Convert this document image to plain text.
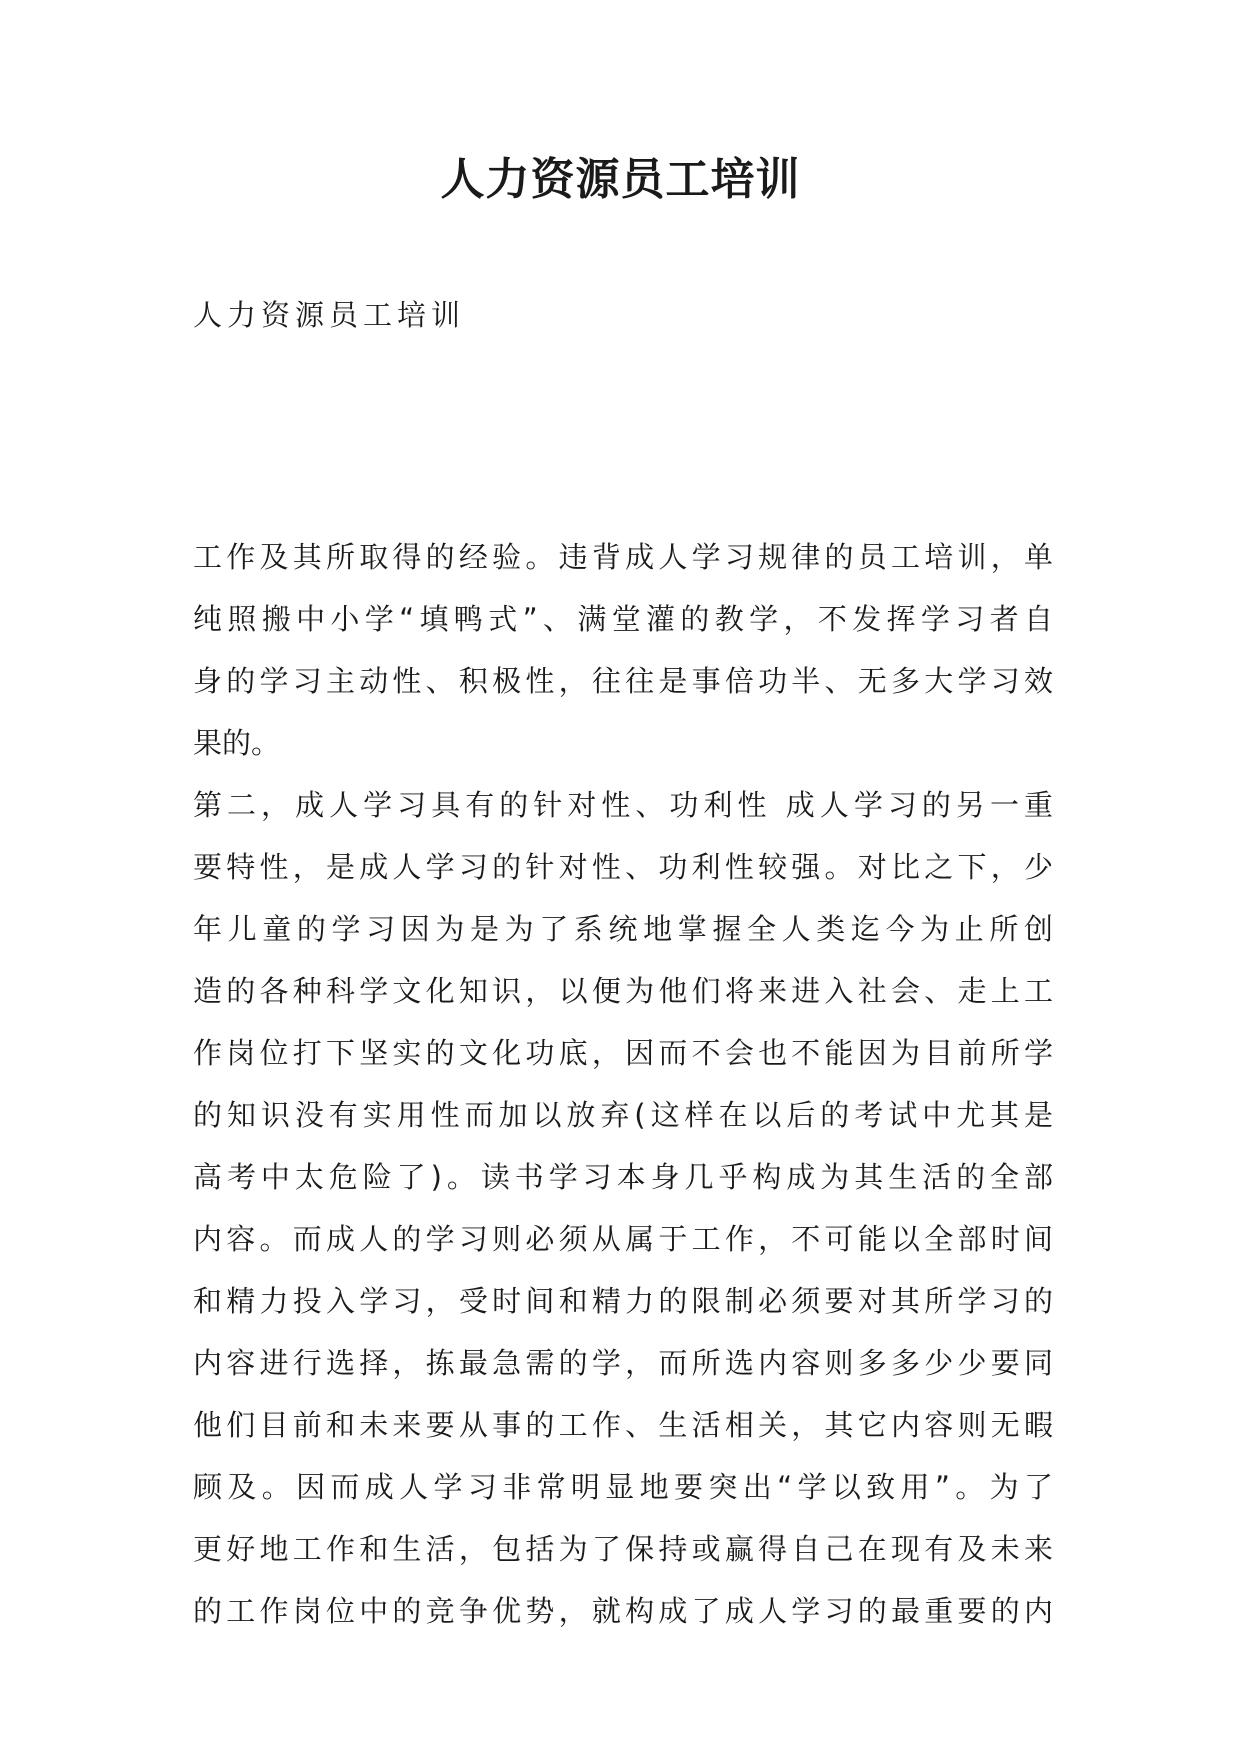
人力资源员工培训
人力资源员工培训
工作及其所取得的经验。违背成人学习规律的员工培训，单
纯照搬中小学“填鸭式”、满堂灌的教学，不发挥学习者自
身的学习主动性、积极性，往往是事倍功半、无多大学习效
果的。
第二，成人学习具有的针对性、功利性 成人学习的另一重
要特性，是成人学习的针对性、功利性较强。对比之下，少
年儿童的学习因为是为了系统地掌握全人类迄今为止所创
造的各种科学文化知识，以便为他们将来进入社会、走上工
作岗位打下坚实的文化功底，因而不会也不能因为目前所学
的知识没有实用性而加以放弃(这样在以后的考试中尤其是
高考中太危险了)。读书学习本身几乎构成为其生活的全部
内容。而成人的学习则必须从属于工作，不可能以全部时间
和精力投入学习，受时间和精力的限制必须要对其所学习的
内容进行选择，拣最急需的学，而所选内容则多多少少要同
他们目前和未来要从事的工作、生活相关，其它内容则无暇
顾及。因而成人学习非常明显地要突出“学以致用”。为了
更好地工作和生活，包括为了保持或赢得自己在现有及未来
的工作岗位中的竞争优势，就构成了成人学习的最重要的内
